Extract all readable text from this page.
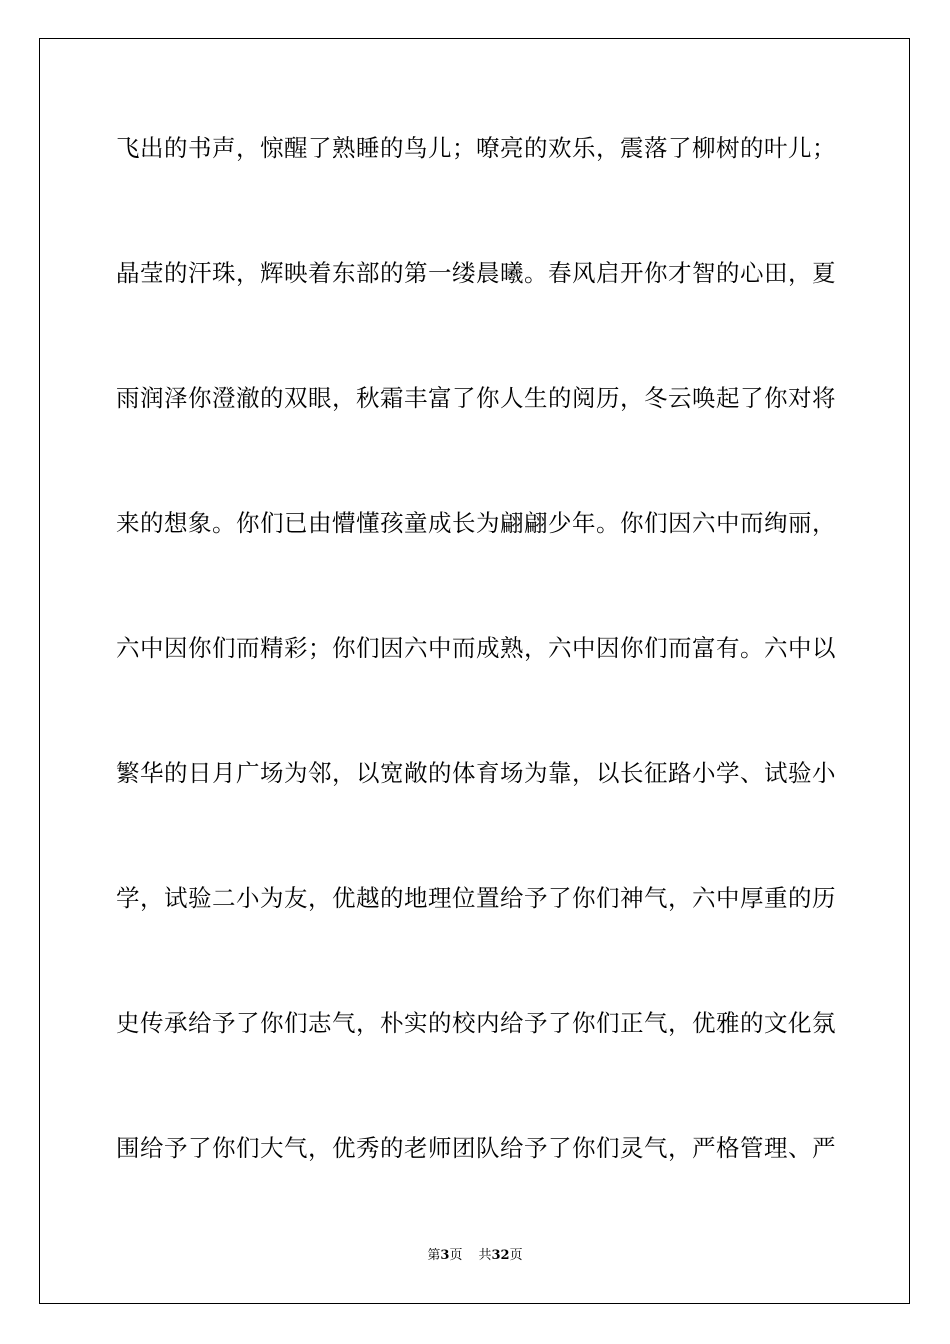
飞出的书声，惊醒了熟睡的鸟儿；嘹亮的欢乐，震落了柳树的叶儿；
晶莹的汗珠，辉映着东部的第一缕晨曦。春风启开你才智的心田，夏
雨润泽你澄澈的双眼，秋霜丰富了你人生的阅历，冬云唤起了你对将
来的想象。你们已由懵懂孩童成长为翩翩少年。你们因六中而绚丽，
六中因你们而精彩；你们因六中而成熟，六中因你们而富有。六中以
繁华的日月广场为邻，以宽敞的体育场为靠，以长征路小学、试验小
学，试验二小为友，优越的地理位置给予了你们神气，六中厚重的历
史传承给予了你们志气，朴实的校内给予了你们正气，优雅的文化氛
围给予了你们大气，优秀的老师团队给予了你们灵气，严格管理、严
第3页 共32页
